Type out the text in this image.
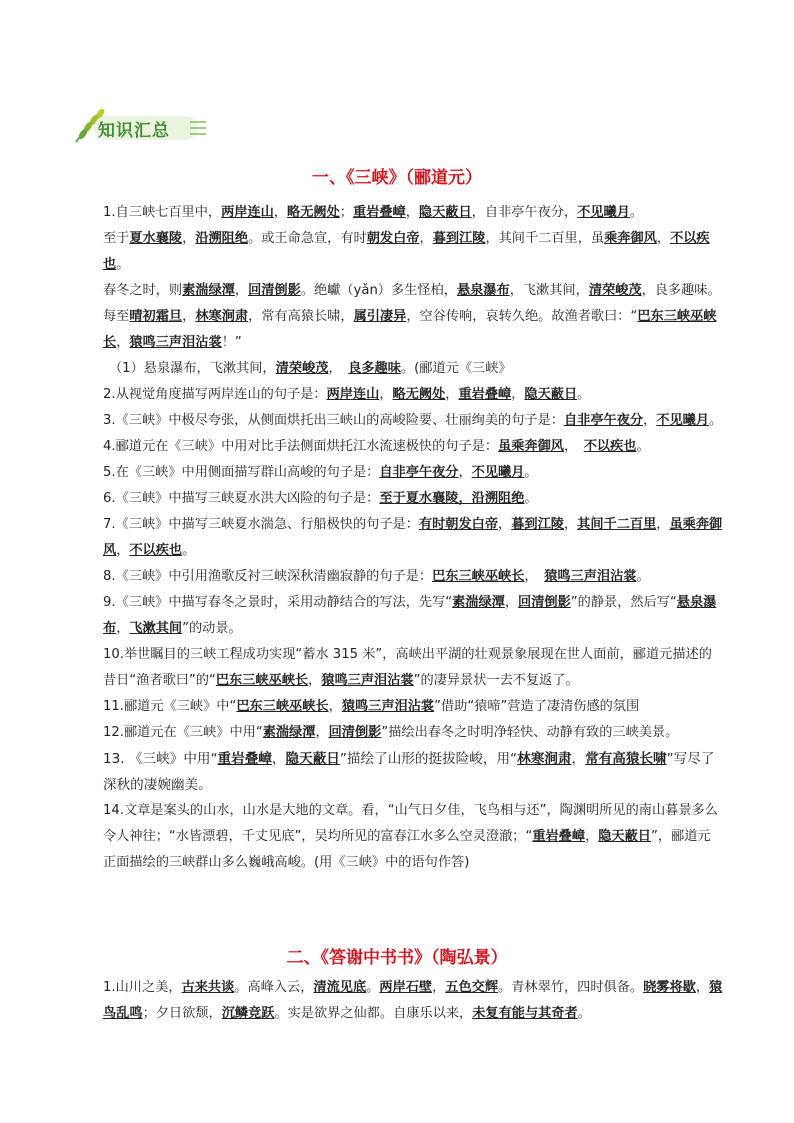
知识汇总
一、《三峡》（郦道元）

1.自三峡七百里中，两岸连山，略无阙处；重岩叠嶂，隐天蔽日，自非亭午夜分，不见曦月。

至于夏水襄陵，沿溯阻绝。或王命急宣，有时朝发白帝，暮到江陵，其间千二百里，虽乘奔御风，不以疾也。

春冬之时，则素湍绿潭，回清倒影。绝巘（yǎn）多生怪柏，悬泉瀑布，飞漱其间，清荣峻茂，良多趣味。

每至晴初霜旦，林寒涧肃，常有高猿长啸，属引凄异，空谷传响，哀转久绝。故渔者歌曰：“巴东三峡巫峡长，猿鸣三声泪沾裳！”

（1）悬泉瀑布，飞漱其间，清荣峻茂，　良多趣味。(郦道元《三峡》

2.从视觉角度描写两岸连山的句子是：两岸连山，略无阙处，重岩叠嶂，隐天蔽日。

3.《三峡》中极尽夸张，从侧面烘托出三峡山的高峻险要、壮丽绚美的句子是：自非亭午夜分，不见曦月。

4.郦道元在《三峡》中用对比手法侧面烘托江水流速极快的句子是：虽乘奔御风，　不以疾也。

5.在《三峡》中用侧面描写群山高峻的句子是：自非亭午夜分，不见曦月。

6.《三峡》中描写三峡夏水洪大凶险的句子是：至于夏水襄陵，沿溯阻绝。

7.《三峡》中描写三峡夏水湍急、行船极快的句子是：有时朝发白帝，暮到江陵，其间千二百里，虽乘奔御风，不以疾也。

8.《三峡》中引用渔歌反衬三峡深秋清幽寂静的句子是：巴东三峡巫峡长，　猿鸣三声泪沾裳。

9.《三峡》中描写春冬之景时，采用动静结合的写法，先写“素湍绿潭，回清倒影”的静景，然后写“悬泉瀑布，飞漱其间”的动景。

10.举世瞩目的三峡工程成功实现“蓄水 315 米”，高峡出平湖的壮观景象展现在世人面前，郦道元描述的昔日“渔者歌曰”的“巴东三峡巫峡长，猿鸣三声泪沾裳”的凄异景状一去不复返了。

11.郦道元《三峡》中“巴东三峡巫峡长，猿鸣三声泪沾裳”借助“猿啼”营造了凄清伤感的氛围

12.郦道元在《三峡》中用“素湍绿潭，回清倒影”描绘出春冬之时明净轻快、动静有致的三峡美景。

13. 《三峡》中用“重岩叠嶂，隐天蔽日”描绘了山形的挺拔险峻，用“林寒涧肃，常有高猿长啸”写尽了深秋的凄婉幽美。

14.文章是案头的山水，山水是大地的文章。看，“山气日夕佳，飞鸟相与还”，陶渊明所见的南山暮景多么令人神往；“水皆漂碧，千丈见底”，吴均所见的富春江水多么空灵澄澈；“重岩叠嶂，隐天蔽日”，郦道元正面描绘的三峡群山多么巍峨高峻。(用《三峡》中的语句作答)

二、《答谢中书书》（陶弘景）

1.山川之美，古来共谈。高峰入云，清流见底。两岸石壁，五色交辉。青林翠竹，四时俱备。晓雾将歇，猿鸟乱鸣；夕日欲颓，沉鳞竞跃。实是欲界之仙都。自康乐以来，未复有能与其奇者。
